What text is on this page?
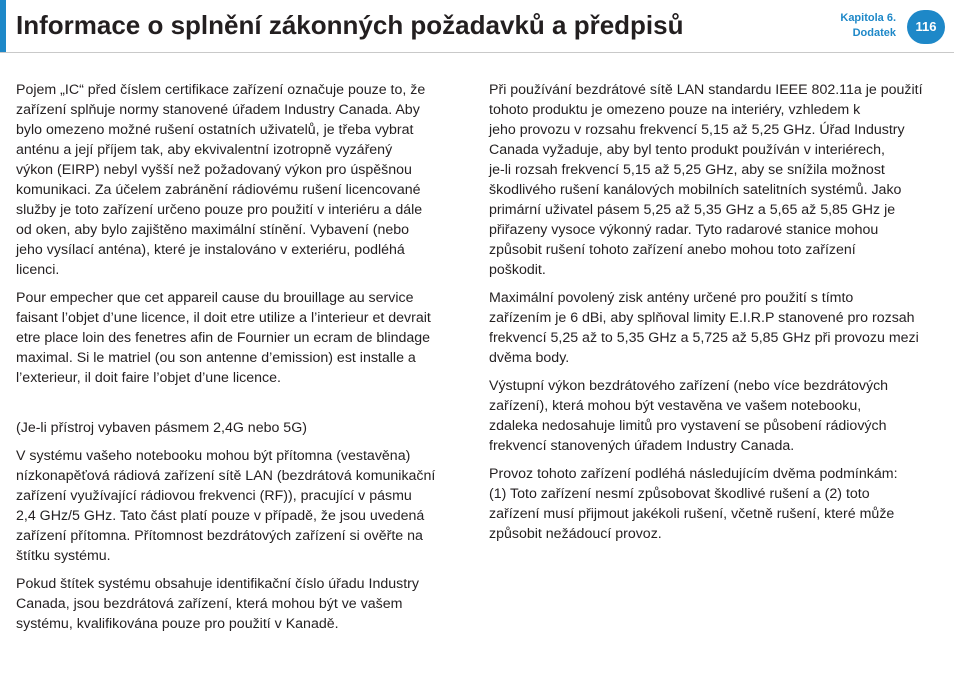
Informace o splnění zákonných požadavků a předpisů	Kapitola 6.
Dodatek	116

Pojem „IC“ před číslem certifikace zařízení označuje pouze to, že
zařízení splňuje normy stanovené úřadem Industry Canada. Aby
bylo omezeno možné rušení ostatních uživatelů, je třeba vybrat
anténu a její příjem tak, aby ekvivalentní izotropně vyzářený
výkon (EIRP) nebyl vyšší než požadovaný výkon pro úspěšnou
komunikaci. Za účelem zabránění rádiovému rušení licencované
služby je toto zařízení určeno pouze pro použití v interiéru a dále
od oken, aby bylo zajištěno maximální stínění. Vybavení (nebo
jeho vysílací anténa), které je instalováno v exteriéru, podléhá
licenci.

Pour empecher que cet appareil cause du brouillage au service
faisant l’objet d’une licence, il doit etre utilize a l’interieur et devrait
etre place loin des fenetres afin de Fournier un ecram de blindage
maximal. Si le matriel (ou son antenne d’emission) est installe a
l’exterieur, il doit faire l’objet d’une licence.

(Je-li přístroj vybaven pásmem 2,4G nebo 5G)

V systému vašeho notebooku mohou být přítomna (vestavěna)
nízkonapěťová rádiová zařízení sítě LAN (bezdrátová komunikační
zařízení využívající rádiovou frekvenci (RF)), pracující v pásmu
2,4 GHz/5 GHz. Tato část platí pouze v případě, že jsou uvedená
zařízení přítomna. Přítomnost bezdrátových zařízení si ověřte na
štítku systému.

Pokud štítek systému obsahuje identifikační číslo úřadu Industry
Canada, jsou bezdrátová zařízení, která mohou být ve vašem
systému, kvalifikována pouze pro použití v Kanadě.

Při používání bezdrátové sítě LAN standardu IEEE 802.11a je použití
tohoto produktu je omezeno pouze na interiéry, vzhledem k
jeho provozu v rozsahu frekvencí 5,15 až 5,25 GHz. Úřad Industry
Canada vyžaduje, aby byl tento produkt používán v interiérech,
je-li rozsah frekvencí 5,15 až 5,25 GHz, aby se snížila možnost
škodlivého rušení kanálových mobilních satelitních systémů. Jako
primární uživatel pásem 5,25 až 5,35 GHz a 5,65 až 5,85 GHz je
přiřazeny vysoce výkonný radar. Tyto radarové stanice mohou
způsobit rušení tohoto zařízení anebo mohou toto zařízení
poškodit.

Maximální povolený zisk antény určené pro použití s tímto
zařízením je 6 dBi, aby splňoval limity E.I.R.P stanovené pro rozsah
frekvencí 5,25 až to 5,35 GHz a 5,725 až 5,85 GHz při provozu mezi
dvěma body.

Výstupní výkon bezdrátového zařízení (nebo více bezdrátových
zařízení), která mohou být vestavěna ve vašem notebooku,
zdaleka nedosahuje limitů pro vystavení se působení rádiových
frekvencí stanovených úřadem Industry Canada.

Provoz tohoto zařízení podléhá následujícím dvěma podmínkám:
(1) Toto zařízení nesmí způsobovat škodlivé rušení a (2) toto
zařízení musí přijmout jakékoli rušení, včetně rušení, které může
způsobit nežádoucí provoz.
